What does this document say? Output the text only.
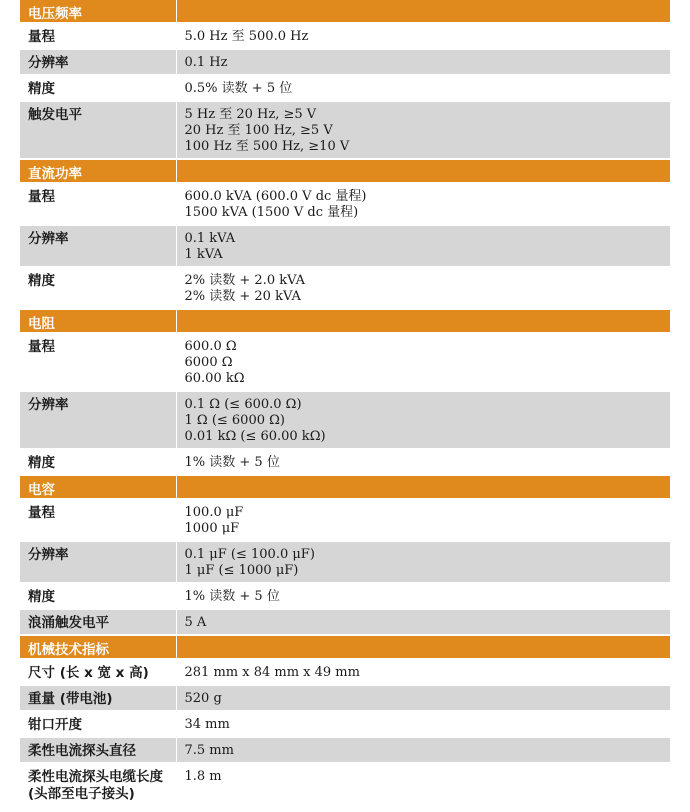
电压频率	
量程	5.0 Hz 至 500.0 Hz

分辨率	0.1 Hz

精度	0.5% 读数 + 5 位

触发电平	5 Hz 至 20 Hz, ≥5 V
20 Hz 至 100 Hz, ≥5 V
100 Hz 至 500 Hz, ≥10 V

直流功率	
量程	600.0 kVA (600.0 V dc 量程)
1500 kVA (1500 V dc 量程)

分辨率	0.1 kVA
1 kVA

精度	2% 读数 + 2.0 kVA
2% 读数 + 20 kVA

电阻	
量程	600.0 Ω
6000 Ω
60.00 kΩ

分辨率	0.1 Ω (≤ 600.0 Ω)
1 Ω (≤ 6000 Ω)
0.01 kΩ (≤ 60.00 kΩ)

精度	1% 读数 + 5 位

电容	
量程	100.0 μF
1000 μF

分辨率	0.1 μF (≤ 100.0 μF)
1 μF (≤ 1000 μF)

精度	1% 读数 + 5 位

浪涌触发电平	5 A

机械技术指标	
尺寸 (长 x 宽 x 高)	281 mm x 84 mm x 49 mm

重量 (带电池)	520 g

钳口开度	34 mm

柔性电流探头直径	7.5 mm

柔性电流探头电缆长度 (头部至电子接头)	1.8 m
